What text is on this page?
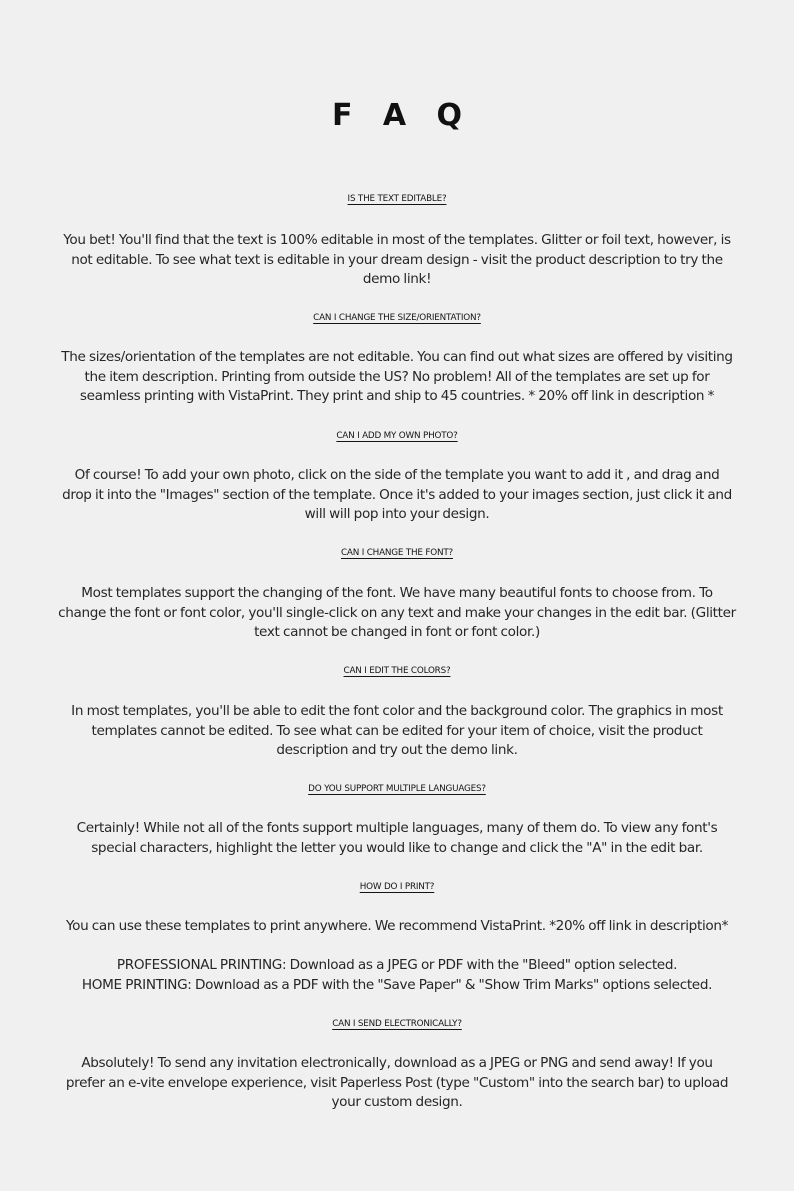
F A Q
IS THE TEXT EDITABLE?
You bet! You'll find that the text is 100% editable in most of the templates. Glitter or foil text, however, is
not editable. To see what text is editable in your dream design - visit the product description to try the
demo link!
CAN I CHANGE THE SIZE/ORIENTATION?
The sizes/orientation of the templates are not editable. You can find out what sizes are offered by visiting
the item description. Printing from outside the US? No problem! All of the templates are set up for
seamless printing with VistaPrint. They print and ship to 45 countries. * 20% off link in description *
CAN I ADD MY OWN PHOTO?
Of course! To add your own photo, click on the side of the template you want to add it , and drag and
drop it into the "Images" section of the template. Once it's added to your images section, just click it and
will will pop into your design.
CAN I CHANGE THE FONT?
Most templates support the changing of the font. We have many beautiful fonts to choose from. To
change the font or font color, you'll single-click on any text and make your changes in the edit bar. (Glitter
text cannot be changed in font or font color.)
CAN I EDIT THE COLORS?
In most templates, you'll be able to edit the font color and the background color. The graphics in most
templates cannot be edited. To see what can be edited for your item of choice, visit the product
description and try out the demo link.
DO YOU SUPPORT MULTIPLE LANGUAGES?
Certainly! While not all of the fonts support multiple languages, many of them do. To view any font's
special characters, highlight the letter you would like to change and click the "A" in the edit bar.
HOW DO I PRINT?
You can use these templates to print anywhere. We recommend VistaPrint. *20% off link in description*
PROFESSIONAL PRINTING: Download as a JPEG or PDF with the "Bleed" option selected.
HOME PRINTING: Download as a PDF with the "Save Paper" & "Show Trim Marks" options selected.
CAN I SEND ELECTRONICALLY?
Absolutely! To send any invitation electronically, download as a JPEG or PNG and send away! If you
prefer an e-vite envelope experience, visit Paperless Post (type "Custom" into the search bar) to upload
your custom design.
